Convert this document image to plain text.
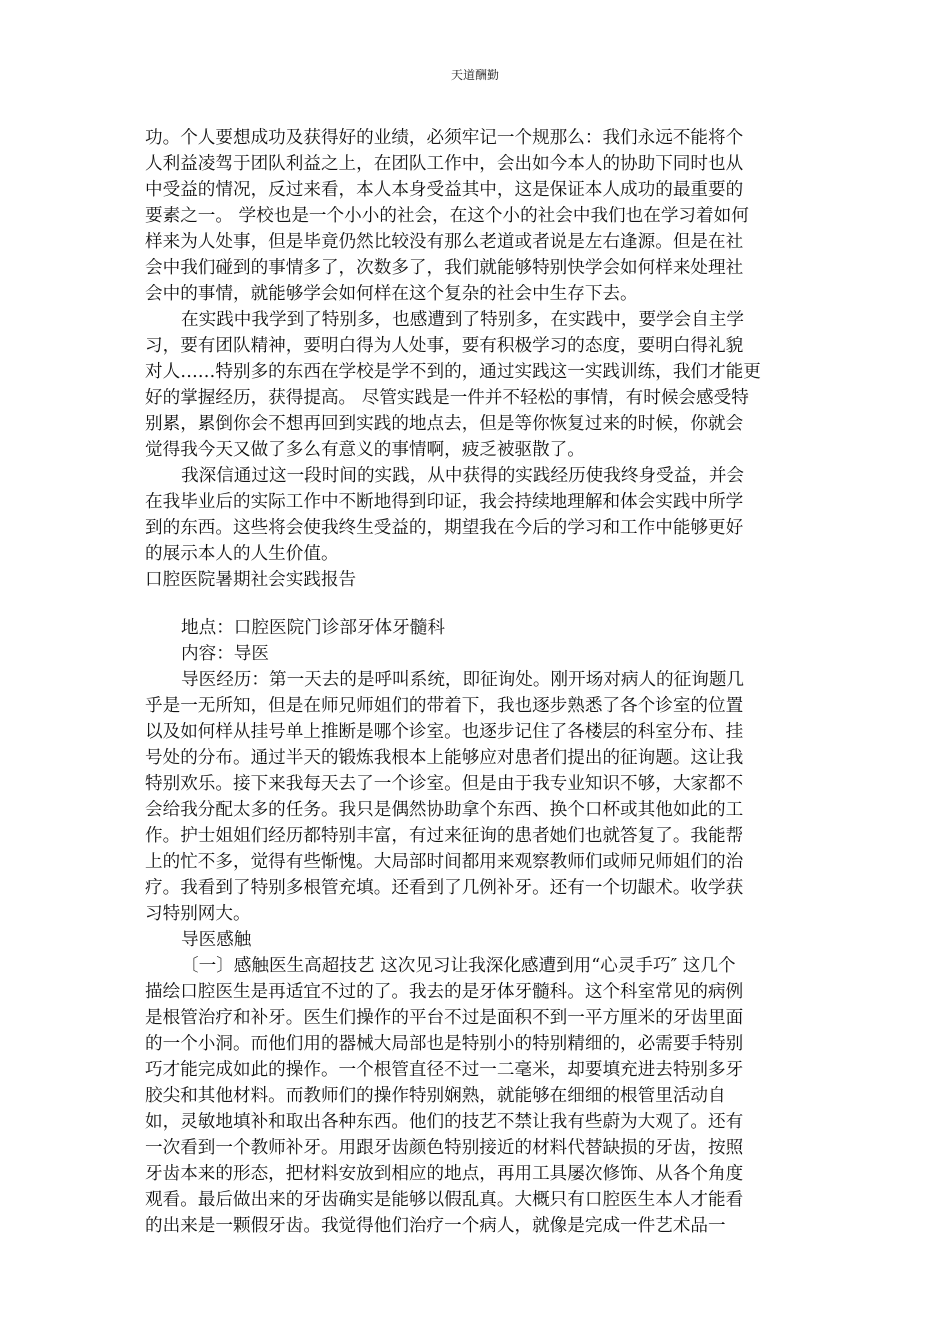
天道酬勤
功。个人要想成功及获得好的业绩，必须牢记一个规那么：我们永远不能将个
人利益凌驾于团队利益之上，在团队工作中，会出如今本人的协助下同时也从
中受益的情况，反过来看，本人本身受益其中，这是保证本人成功的最重要的
要素之一。 学校也是一个小小的社会，在这个小的社会中我们也在学习着如何
样来为人处事，但是毕竟仍然比较没有那么老道或者说是左右逢源。但是在社
会中我们碰到的事情多了，次数多了，我们就能够特别快学会如何样来处理社
会中的事情，就能够学会如何样在这个复杂的社会中生存下去。
在实践中我学到了特别多，也感遭到了特别多，在实践中，要学会自主学
习，要有团队精神，要明白得为人处事，要有积极学习的态度，要明白得礼貌
对人……特别多的东西在学校是学不到的，通过实践这一实践训练，我们才能更
好的掌握经历，获得提高。 尽管实践是一件并不轻松的事情，有时候会感受特
别累，累倒你会不想再回到实践的地点去，但是等你恢复过来的时候，你就会
觉得我今天又做了多么有意义的事情啊，疲乏被驱散了。
我深信通过这一段时间的实践，从中获得的实践经历使我终身受益，并会
在我毕业后的实际工作中不断地得到印证，我会持续地理解和体会实践中所学
到的东西。这些将会使我终生受益的，期望我在今后的学习和工作中能够更好
的展示本人的人生价值。
口腔医院暑期社会实践报告
地点：口腔医院门诊部牙体牙髓科
内容：导医
导医经历：第一天去的是呼叫系统，即征询处。刚开场对病人的征询题几
乎是一无所知，但是在师兄师姐们的带着下，我也逐步熟悉了各个诊室的位置
以及如何样从挂号单上推断是哪个诊室。也逐步记住了各楼层的科室分布、挂
号处的分布。通过半天的锻炼我根本上能够应对患者们提出的征询题。这让我
特别欢乐。接下来我每天去了一个诊室。但是由于我专业知识不够，大家都不
会给我分配太多的任务。我只是偶然协助拿个东西、换个口杯或其他如此的工
作。护士姐姐们经历都特别丰富，有过来征询的患者她们也就答复了。我能帮
上的忙不多，觉得有些惭愧。大局部时间都用来观察教师们或师兄师姐们的治
疗。我看到了特别多根管充填。还看到了几例补牙。还有一个切龈术。收学获
习特别网大。
导医感触
〔一〕感触医生高超技艺 这次见习让我深化感遭到用“心灵手巧″ 这几个
描绘口腔医生是再适宜不过的了。我去的是牙体牙髓科。这个科室常见的病例
是根管治疗和补牙。医生们操作的平台不过是面积不到一平方厘米的牙齿里面
的一个小洞。而他们用的器械大局部也是特别小的特别精细的，必需要手特别
巧才能完成如此的操作。一个根管直径不过一二毫米，却要填充进去特别多牙
胶尖和其他材料。而教师们的操作特别娴熟，就能够在细细的根管里活动自
如，灵敏地填补和取出各种东西。他们的技艺不禁让我有些蔚为大观了。还有
一次看到一个教师补牙。用跟牙齿颜色特别接近的材料代替缺损的牙齿，按照
牙齿本来的形态，把材料安放到相应的地点，再用工具屡次修饰、从各个角度
观看。最后做出来的牙齿确实是能够以假乱真。大概只有口腔医生本人才能看
的出来是一颗假牙齿。我觉得他们治疗一个病人，就像是完成一件艺术品一
